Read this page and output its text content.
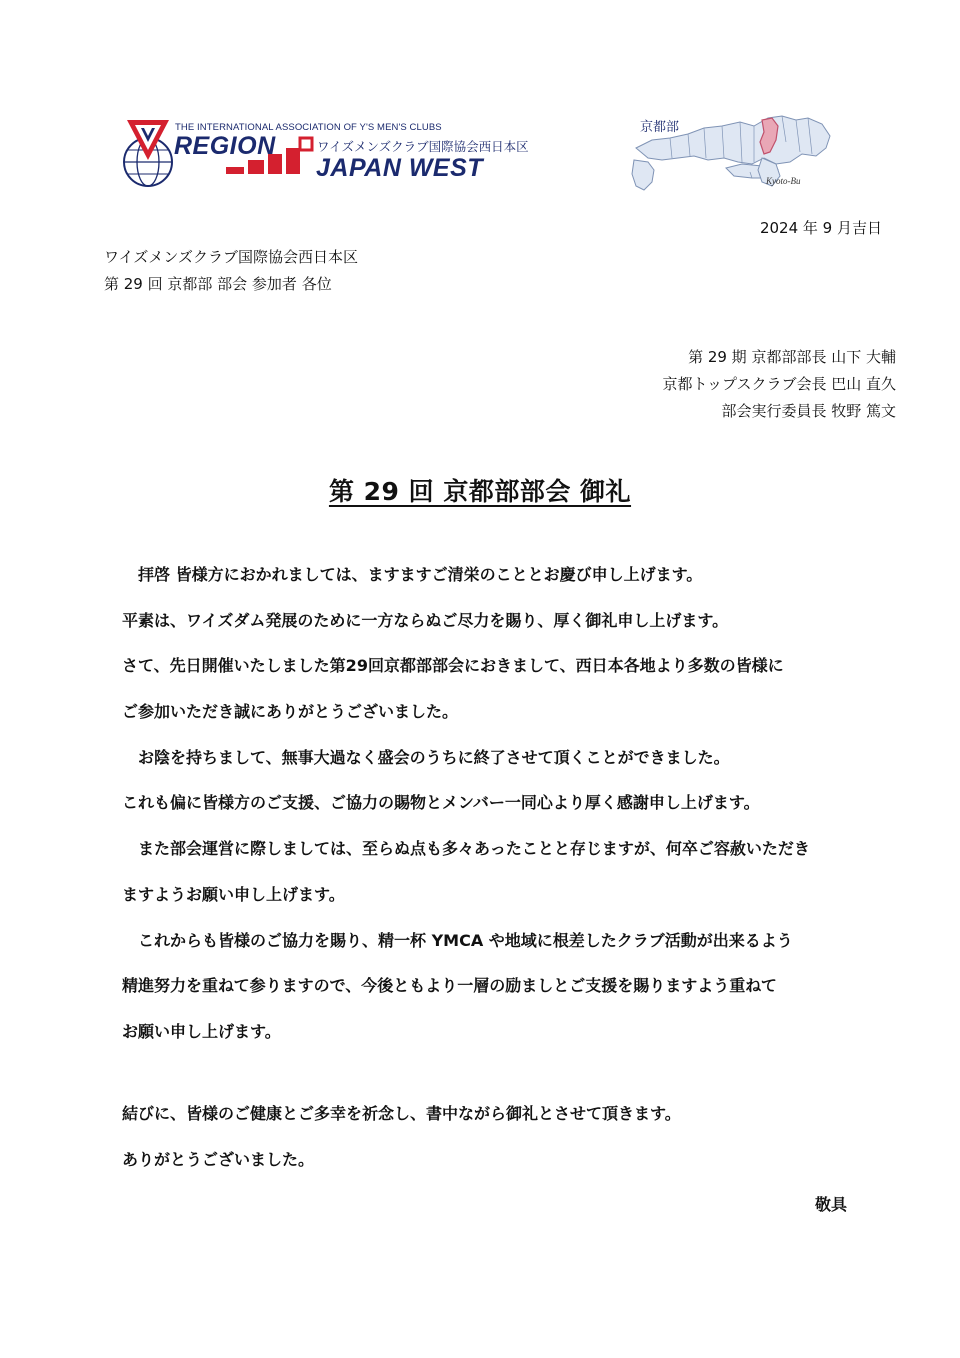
THE INTERNATIONAL ASSOCIATION OF Y'S MEN'S CLUBS
REGION	ワイズメンズクラブ国際協会西日本区
JAPAN WEST
京都部
Kyoto-Bu
2024 年 9 月吉日
ワイズメンズクラブ国際協会西日本区
第 29 回 京都部 部会 参加者 各位
第 29 期 京都部部長 山下 大輔
京都トップスクラブ会長 巴山 直久
部会実行委員長 牧野 篤文
第 29 回 京都部部会 御礼
　拝啓 皆様方におかれましては、ますますご清栄のこととお慶び申し上げます。
平素は、ワイズダム発展のために一方ならぬご尽力を賜り、厚く御礼申し上げます。
さて、先日開催いたしました第29回京都部部会におきまして、西日本各地より多数の皆様に
ご参加いただき誠にありがとうございました。
　お陰を持ちまして、無事大過なく盛会のうちに終了させて頂くことができました。
これも偏に皆様方のご支援、ご協力の賜物とメンバー一同心より厚く感謝申し上げます。
　また部会運営に際しましては、至らぬ点も多々あったことと存じますが、何卒ご容赦いただき
ますようお願い申し上げます。
　これからも皆様のご協力を賜り、精一杯 YMCA や地域に根差したクラブ活動が出来るよう
精進努力を重ねて参りますので、今後ともより一層の励ましとご支援を賜りますよう重ねて
お願い申し上げます。
結びに、皆様のご健康とご多幸を祈念し、書中ながら御礼とさせて頂きます。
ありがとうございました。
敬具
